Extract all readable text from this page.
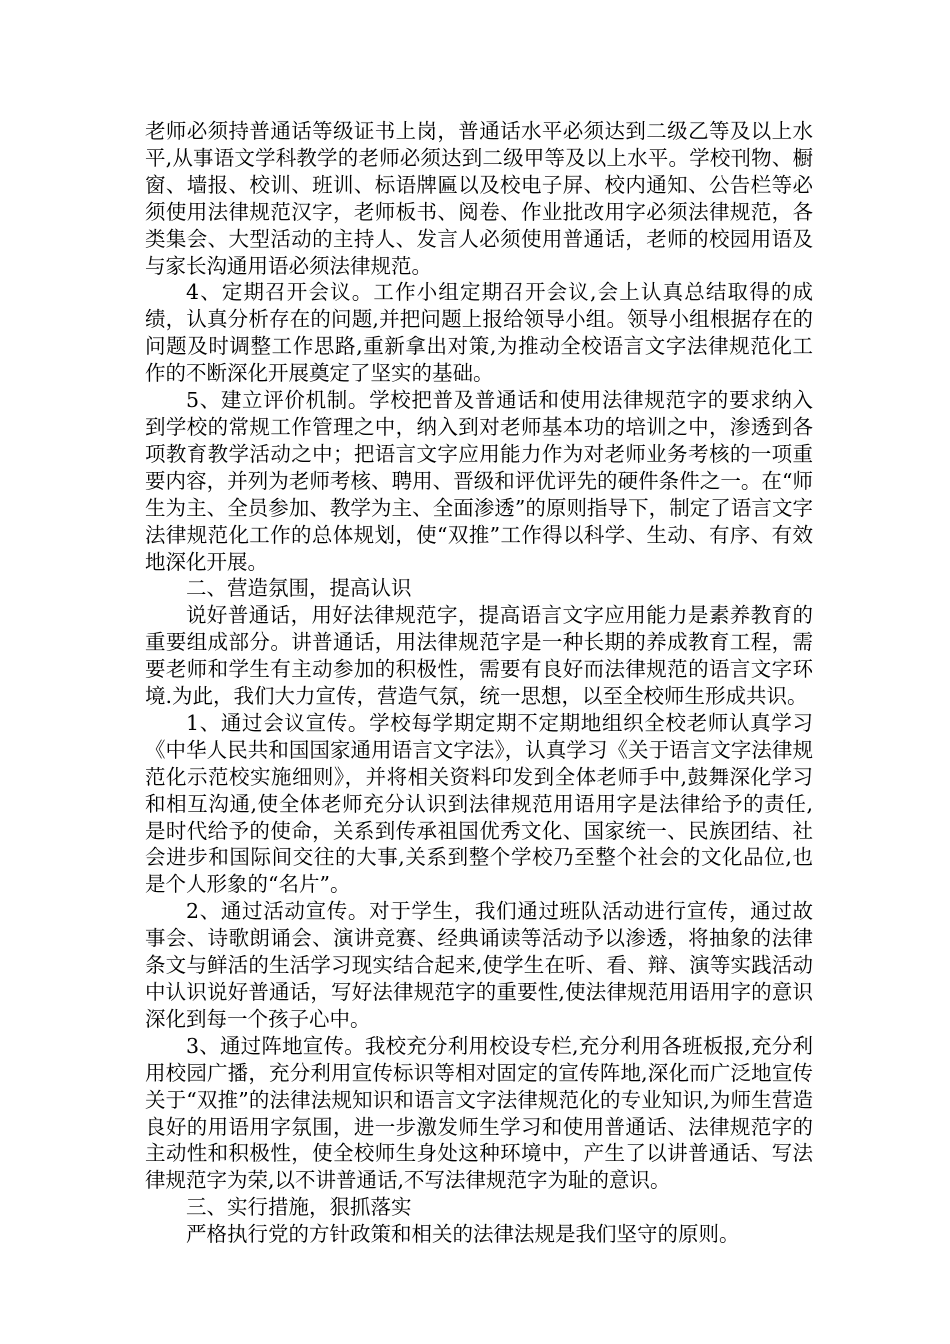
老师必须持普通话等级证书上岗，普通话水平必须达到二级乙等及以上水平,从事语文学科教学的老师必须达到二级甲等及以上水平。学校刊物、橱窗、墙报、校训、班训、标语牌匾以及校电子屏、校内通知、公告栏等必须使用法律规范汉字，老师板书、阅卷、作业批改用字必须法律规范，各类集会、大型活动的主持人、发言人必须使用普通话，老师的校园用语及与家长沟通用语必须法律规范。

4、定期召开会议。工作小组定期召开会议,会上认真总结取得的成绩，认真分析存在的问题,并把问题上报给领导小组。领导小组根据存在的问题及时调整工作思路,重新拿出对策,为推动全校语言文字法律规范化工作的不断深化开展奠定了坚实的基础。

5、建立评价机制。学校把普及普通话和使用法律规范字的要求纳入到学校的常规工作管理之中，纳入到对老师基本功的培训之中，渗透到各项教育教学活动之中；把语言文字应用能力作为对老师业务考核的一项重要内容，并列为老师考核、聘用、晋级和评优评先的硬件条件之一。在“师生为主、全员参加、教学为主、全面渗透”的原则指导下，制定了语言文字法律规范化工作的总体规划，使“双推”工作得以科学、生动、有序、有效地深化开展。

二、营造氛围，提高认识

说好普通话，用好法律规范字，提高语言文字应用能力是素养教育的重要组成部分。讲普通话，用法律规范字是一种长期的养成教育工程，需要老师和学生有主动参加的积极性，需要有良好而法律规范的语言文字环境.为此，我们大力宣传，营造气氛，统一思想，以至全校师生形成共识。

1、通过会议宣传。学校每学期定期不定期地组织全校老师认真学习《中华人民共和国国家通用语言文字法》，认真学习《关于语言文字法律规范化示范校实施细则》，并将相关资料印发到全体老师手中,鼓舞深化学习和相互沟通,使全体老师充分认识到法律规范用语用字是法律给予的责任,是时代给予的使命，关系到传承祖国优秀文化、国家统一、民族团结、社会进步和国际间交往的大事,关系到整个学校乃至整个社会的文化品位,也是个人形象的“名片”。

2、通过活动宣传。对于学生，我们通过班队活动进行宣传，通过故事会、诗歌朗诵会、演讲竞赛、经典诵读等活动予以渗透，将抽象的法律条文与鲜活的生活学习现实结合起来,使学生在听、看、辩、演等实践活动中认识说好普通话，写好法律规范字的重要性,使法律规范用语用字的意识深化到每一个孩子心中。

3、通过阵地宣传。我校充分利用校设专栏,充分利用各班板报,充分利用校园广播，充分利用宣传标识等相对固定的宣传阵地,深化而广泛地宣传关于“双推”的法律法规知识和语言文字法律规范化的专业知识,为师生营造良好的用语用字氛围，进一步激发师生学习和使用普通话、法律规范字的主动性和积极性，使全校师生身处这种环境中，产生了以讲普通话、写法律规范字为荣,以不讲普通话,不写法律规范字为耻的意识。

三、实行措施，狠抓落实

严格执行党的方针政策和相关的法律法规是我们坚守的原则。
